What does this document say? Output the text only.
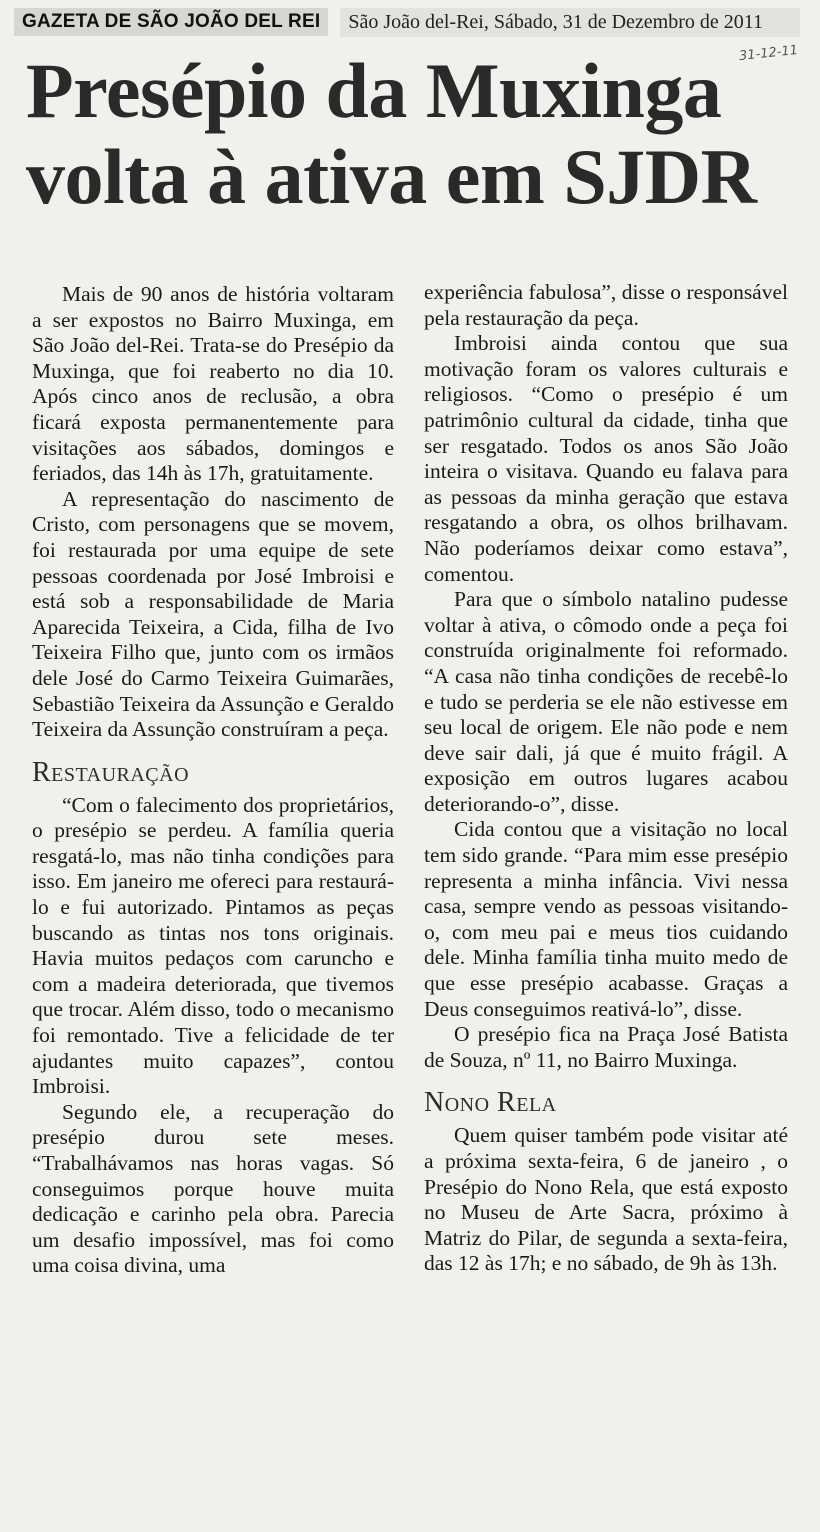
GAZETA DE SÃO JOÃO DEL REI	São João del-Rei, Sábado, 31 de Dezembro de 2011
31-12-11
Presépio da Muxinga volta à ativa em SJDR

Mais de 90 anos de história voltaram a ser expostos no Bairro Muxinga, em São João del-Rei. Trata-se do Presépio da Muxinga, que foi reaberto no dia 10. Após cinco anos de reclusão, a obra ficará exposta permanentemente para visitações aos sábados, domingos e feriados, das 14h às 17h, gratuitamente.

A representação do nascimento de Cristo, com personagens que se movem, foi restaurada por uma equipe de sete pessoas coordenada por José Imbroisi e está sob a responsabilidade de Maria Aparecida Teixeira, a Cida, filha de Ivo Teixeira Filho que, junto com os irmãos dele José do Carmo Teixeira Guimarães, Sebastião Teixeira da Assunção e Geraldo Teixeira da Assunção construíram a peça.

Restauração

“Com o falecimento dos proprietários, o presépio se perdeu. A família queria resgatá-lo, mas não tinha condições para isso. Em janeiro me ofereci para restaurá-lo e fui autorizado. Pintamos as peças buscando as tintas nos tons originais. Havia muitos pedaços com caruncho e com a madeira deteriorada, que tivemos que trocar. Além disso, todo o mecanismo foi remontado. Tive a felicidade de ter ajudantes muito capazes”, contou Imbroisi.

Segundo ele, a recuperação do presépio durou sete meses. “Trabalhávamos nas horas vagas. Só conseguimos porque houve muita dedicação e carinho pela obra. Parecia um desafio impossível, mas foi como uma coisa divina, uma

experiência fabulosa”, disse o responsável pela restauração da peça.

Imbroisi ainda contou que sua motivação foram os valores culturais e religiosos. “Como o presépio é um patrimônio cultural da cidade, tinha que ser resgatado. Todos os anos São João inteira o visitava. Quando eu falava para as pessoas da minha geração que estava resgatando a obra, os olhos brilhavam. Não poderíamos deixar como estava”, comentou.

Para que o símbolo natalino pudesse voltar à ativa, o cômodo onde a peça foi construída originalmente foi reformado. “A casa não tinha condições de recebê-lo e tudo se perderia se ele não estivesse em seu local de origem. Ele não pode e nem deve sair dali, já que é muito frágil. A exposição em outros lugares acabou deteriorando-o”, disse.

Cida contou que a visitação no local tem sido grande. “Para mim esse presépio representa a minha infância. Vivi nessa casa, sempre vendo as pessoas visitando-o, com meu pai e meus tios cuidando dele. Minha família tinha muito medo de que esse presépio acabasse. Graças a Deus conseguimos reativá-lo”, disse.

O presépio fica na Praça José Batista de Souza, nº 11, no Bairro Muxinga.

Nono Rela

Quem quiser também pode visitar até a próxima sexta-feira, 6 de janeiro , o Presépio do Nono Rela, que está exposto no Museu de Arte Sacra, próximo à Matriz do Pilar, de segunda a sexta-feira, das 12 às 17h; e no sábado, de 9h às 13h.
